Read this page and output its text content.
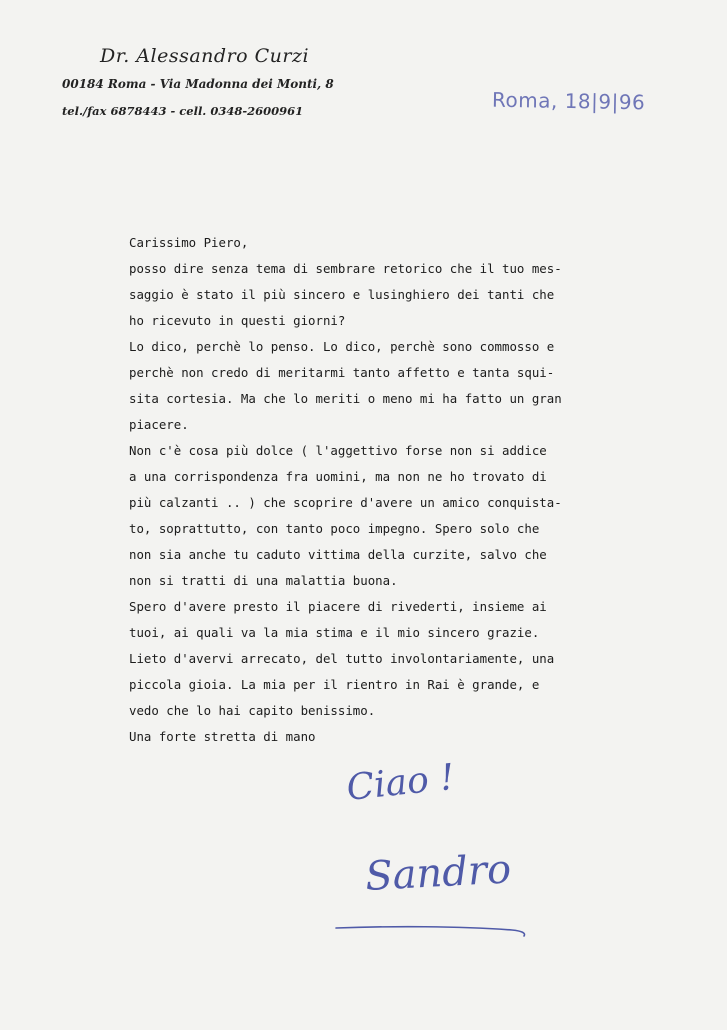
Dr. Alessandro Curzi
00184 Roma - Via Madonna dei Monti, 8
tel./fax 6878443 - cell. 0348-2600961	Roma, 18|9|96
Carissimo Piero,
posso dire senza tema di sembrare retorico che il tuo mes-
saggio è stato il più sincero e lusinghiero dei tanti che
ho ricevuto in questi giorni?
Lo dico, perchè lo penso. Lo dico, perchè sono commosso e
perchè non credo di meritarmi tanto affetto e tanta squi-
sita cortesia. Ma che lo meriti o meno mi ha fatto un gran
piacere.
Non c'è cosa più dolce ( l'aggettivo forse non si addice
a una corrispondenza fra uomini, ma non ne ho trovato di
più calzanti .. ) che scoprire d'avere un amico conquista-
to, soprattutto, con tanto poco impegno. Spero solo che
non sia anche tu caduto vittima della curzite, salvo che
non si tratti di una malattia buona.
Spero d'avere presto il piacere di rivederti, insieme ai
tuoi, ai quali va la mia stima e il mio sincero grazie.
Lieto d'avervi arrecato, del tutto involontariamente, una
piccola gioia. La mia per il rientro in Rai è grande, e
vedo che lo hai capito benissimo.
Una forte stretta di mano
Ciao !
Sandro
